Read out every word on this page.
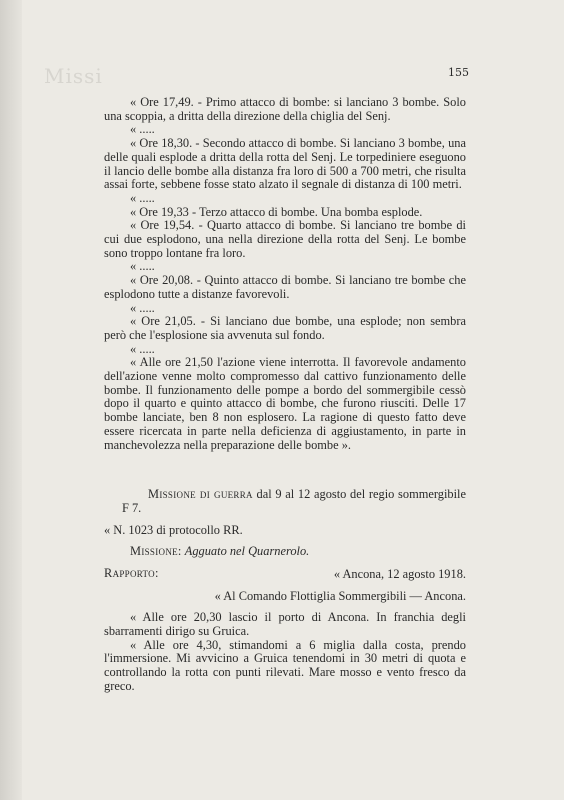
Missi	155

« Ore 17,49. - Primo attacco di bombe: si lanciano 3 bombe. Solo una scoppia, a dritta della direzione della chiglia del Senj.

« .....

« Ore 18,30. - Secondo attacco di bombe. Si lanciano 3 bombe, una delle quali esplode a dritta della rotta del Senj. Le torpediniere eseguono il lancio delle bombe alla distanza fra loro di 500 a 700 metri, che risulta assai forte, sebbene fosse stato alzato il segnale di distanza di 100 metri.

« .....

« Ore 19,33 - Terzo attacco di bombe. Una bomba esplode.

« Ore 19,54. - Quarto attacco di bombe. Si lanciano tre bombe di cui due esplodono, una nella direzione della rotta del Senj. Le bombe sono troppo lontane fra loro.

« .....

« Ore 20,08. - Quinto attacco di bombe. Si lanciano tre bombe che esplodono tutte a distanze favorevoli.

« .....

« Ore 21,05. - Si lanciano due bombe, una esplode; non sembra però che l'esplosione sia avvenuta sul fondo.

« .....

« Alle ore 21,50 l'azione viene interrotta. Il favorevole andamento dell'azione venne molto compromesso dal cattivo funzionamento delle bombe. Il funzionamento delle pompe a bordo del sommergibile cessò dopo il quarto e quinto attacco di bombe, che furono riusciti. Delle 17 bombe lanciate, ben 8 non esplosero. La ragione di questo fatto deve essere ricercata in parte nella deficienza di aggiustamento, in parte in manchevolezza nella preparazione delle bombe ».

Missione di guerra dal 9 al 12 agosto del regio sommergibile F 7.

« N. 1023 di protocollo RR.

Missione: Agguato nel Quarnerolo.

Rapporto:	« Ancona, 12 agosto 1918.

« Al Comando Flottiglia Sommergibili — Ancona.

« Alle ore 20,30 lascio il porto di Ancona. In franchia degli sbarramenti dirigo su Gruica.

« Alle ore 4,30, stimandomi a 6 miglia dalla costa, prendo l'immersione. Mi avvicino a Gruica tenendomi in 30 metri di quota e controllando la rotta con punti rilevati. Mare mosso e vento fresco da greco.
